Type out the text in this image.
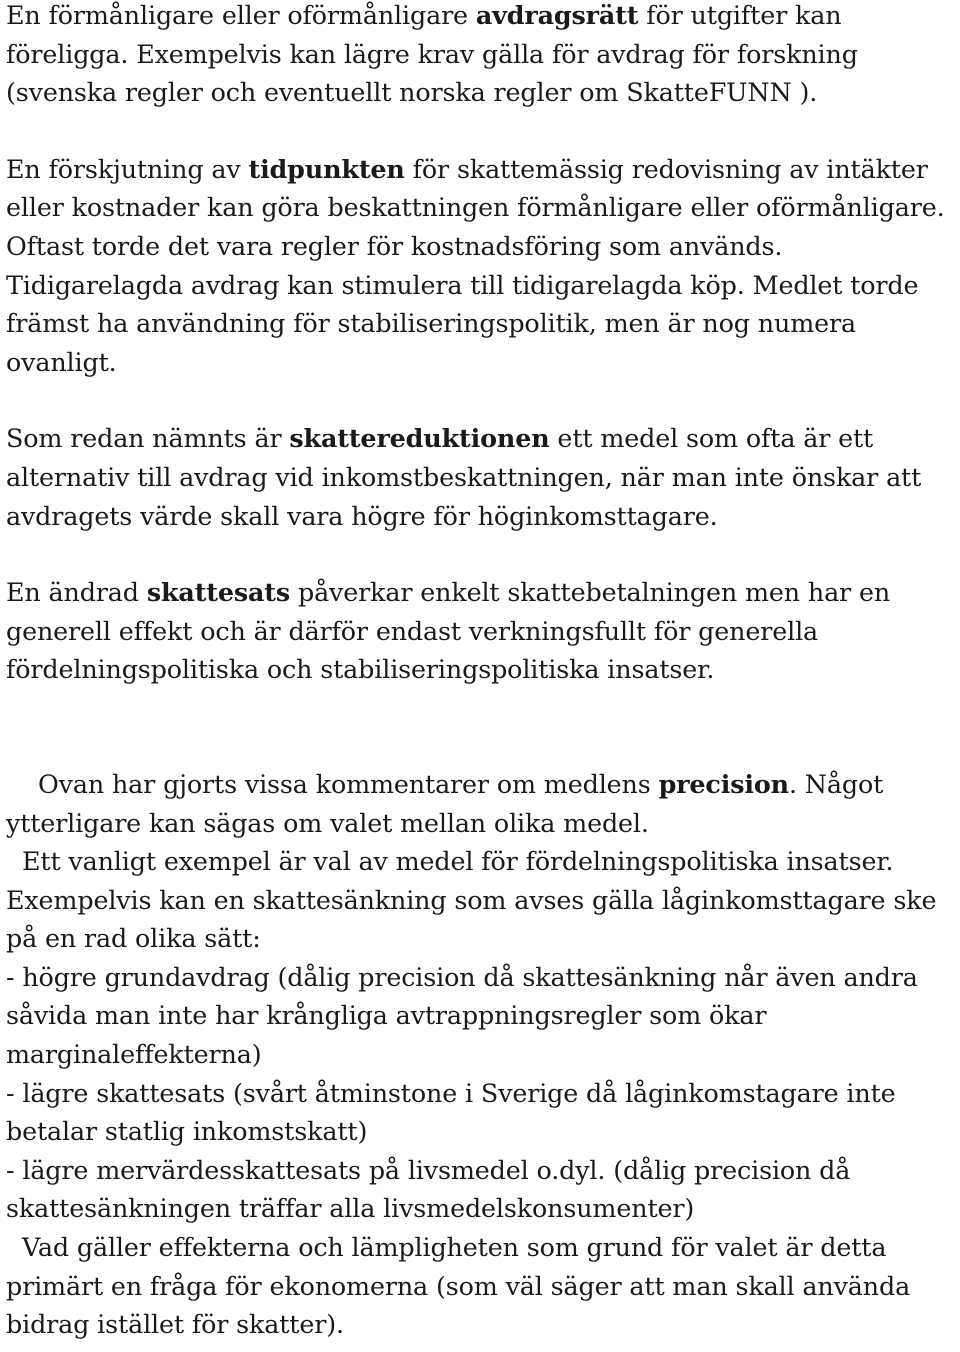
En förmånligare eller oförmånligare avdragsrätt för utgifter kan föreligga. Exempelvis kan lägre krav gälla för avdrag för forskning (svenska regler och eventuellt norska regler om SkatteFUNN ).

En förskjutning av tidpunkten för skattemässig redovisning av intäkter eller kostnader kan göra beskattningen förmånligare eller oförmånligare. Oftast torde det vara regler för kostnadsföring som används. Tidigarelagda avdrag kan stimulera till tidigarelagda köp. Medlet torde främst ha användning för stabiliseringspolitik, men är nog numera ovanligt.

Som redan nämnts är skattereduktionen ett medel som ofta är ett alternativ till avdrag vid inkomstbeskattningen, när man inte önskar att avdragets värde skall vara högre för höginkomsttagare.

En ändrad skattesats påverkar enkelt skattebetalningen men har en generell effekt och är därför endast verkningsfullt för generella fördelningspolitiska och stabiliseringspolitiska insatser.

Ovan har gjorts vissa kommentarer om medlens precision. Något ytterligare kan sägas om valet mellan olika medel.

Ett vanligt exempel är val av medel för fördelningspolitiska insatser. Exempelvis kan en skattesänkning som avses gälla låginkomsttagare ske på en rad olika sätt:

- högre grundavdrag (dålig precision då skattesänkning når även andra såvida man inte har krångliga avtrappningsregler som ökar marginaleffekterna)

- lägre skattesats (svårt åtminstone i Sverige då låginkomstagare inte betalar statlig inkomstskatt)

- lägre mervärdesskattesats på livsmedel o.dyl. (dålig precision då skattesänkningen träffar alla livsmedelskonsumenter)

Vad gäller effekterna och lämpligheten som grund för valet är detta primärt en fråga för ekonomerna (som väl säger att man skall använda bidrag istället för skatter).
